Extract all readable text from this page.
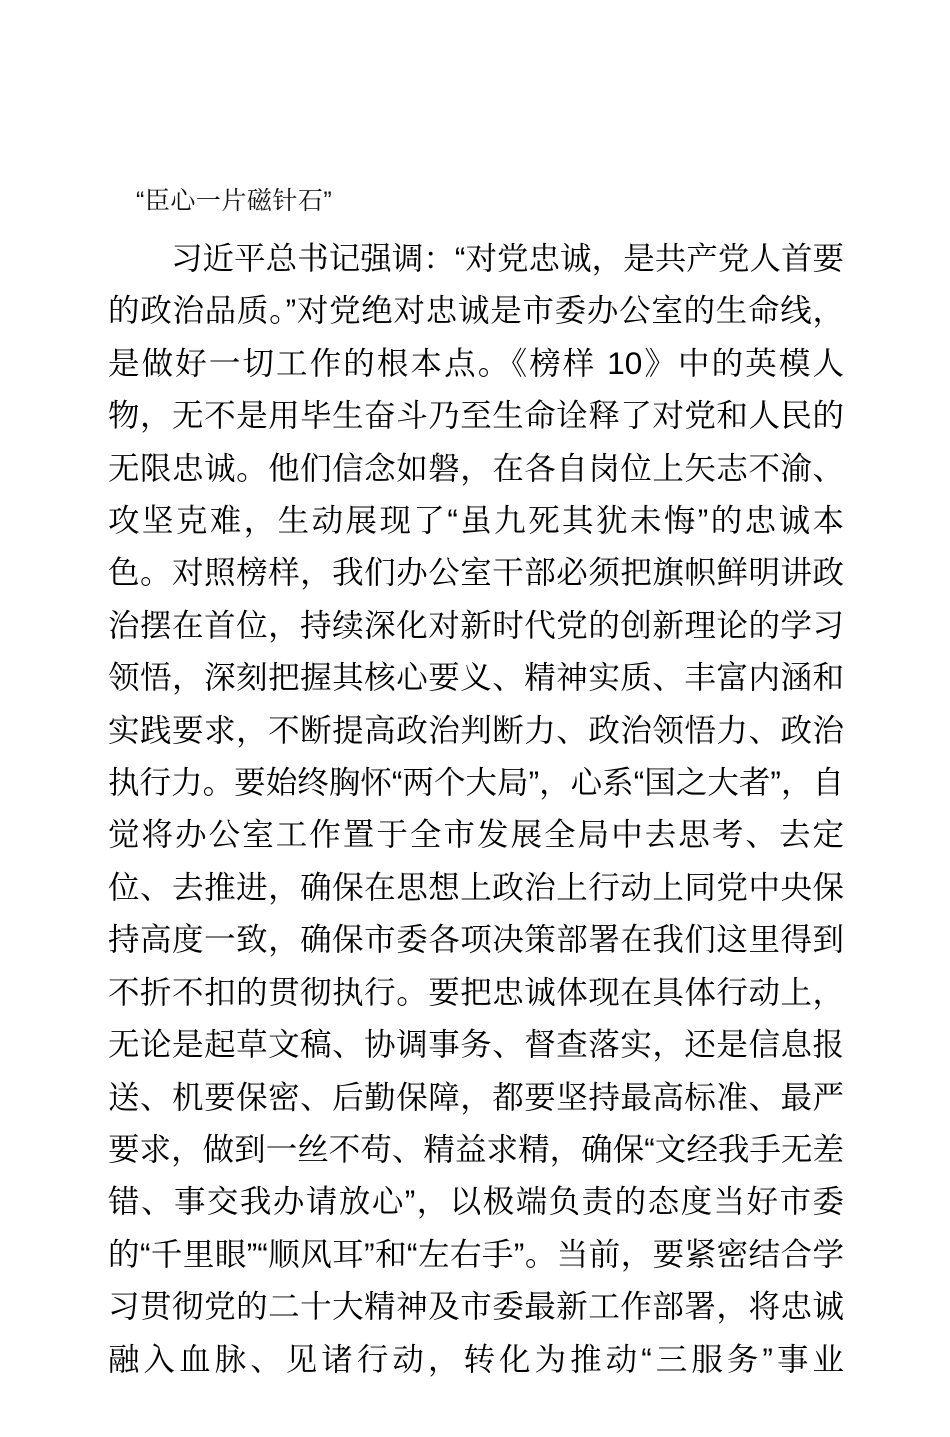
“臣心一片磁针石”
习近平总书记强调：“对党忠诚，是共产党人首要的政治品质。”对党绝对忠诚是市委办公室的生命线，是做好一切工作的根本点。《榜样 10》中的英模人物，无不是用毕生奋斗乃至生命诠释了对党和人民的无限忠诚。他们信念如磐，在各自岗位上矢志不渝、攻坚克难，生动展现了“虽九死其犹未悔”的忠诚本色。对照榜样，我们办公室干部必须把旗帜鲜明讲政治摆在首位，持续深化对新时代党的创新理论的学习领悟，深刻把握其核心要义、精神实质、丰富内涵和实践要求，不断提高政治判断力、政治领悟力、政治执行力。要始终胸怀“两个大局”，心系“国之大者”，自觉将办公室工作置于全市发展全局中去思考、去定位、去推进，确保在思想上政治上行动上同党中央保持高度一致，确保市委各项决策部署在我们这里得到不折不扣的贯彻执行。要把忠诚体现在具体行动上，无论是起草文稿、协调事务、督查落实，还是信息报送、机要保密、后勤保障，都要坚持最高标准、最严要求，做到一丝不苟、精益求精，确保“文经我手无差错、事交我办请放心”，以极端负责的态度当好市委的“千里眼”“顺风耳”和“左右手”。当前，要紧密结合学习贯彻党的二十大精神及市委最新工作部署，将忠诚融入血脉、见诸行动，转化为推动“三服务”事业
